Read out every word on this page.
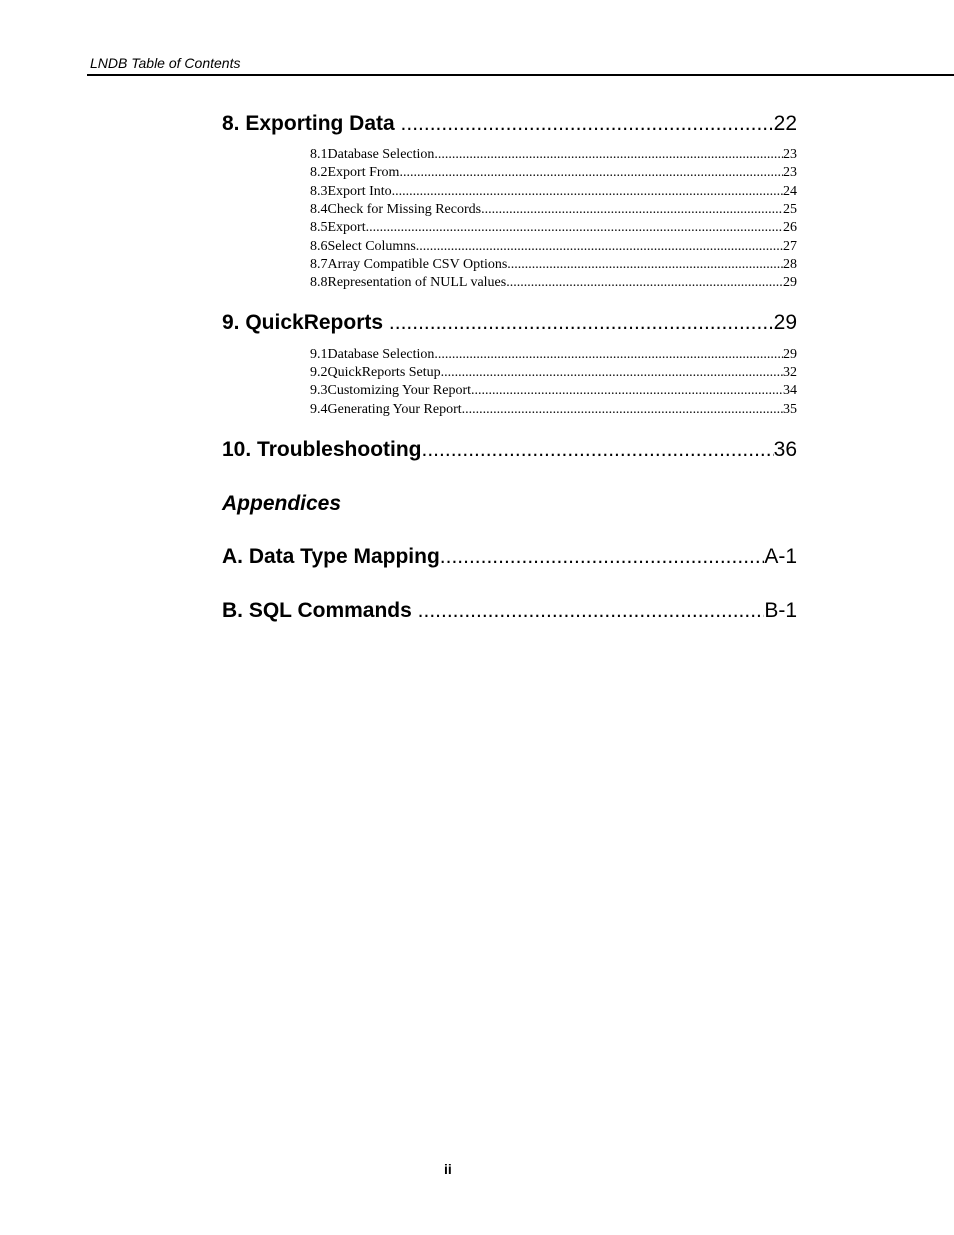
LNDB Table of Contents
8. Exporting Data .....	22
8.1 Database Selection .....	23
8.2 Export From .....	23
8.3 Export Into .....	24
8.4 Check for Missing Records .....	25
8.5 Export .....	26
8.6 Select Columns .....	27
8.7 Array Compatible CSV Options .....	28
8.8 Representation of NULL values .....	29
9. QuickReports .....	29
9.1 Database Selection .....	29
9.2 QuickReports Setup .....	32
9.3 Customizing Your Report .....	34
9.4 Generating Your Report .....	35
10. Troubleshooting .....	36
Appendices
A. Data Type Mapping .....	A-1
B. SQL Commands .....	B-1
ii
